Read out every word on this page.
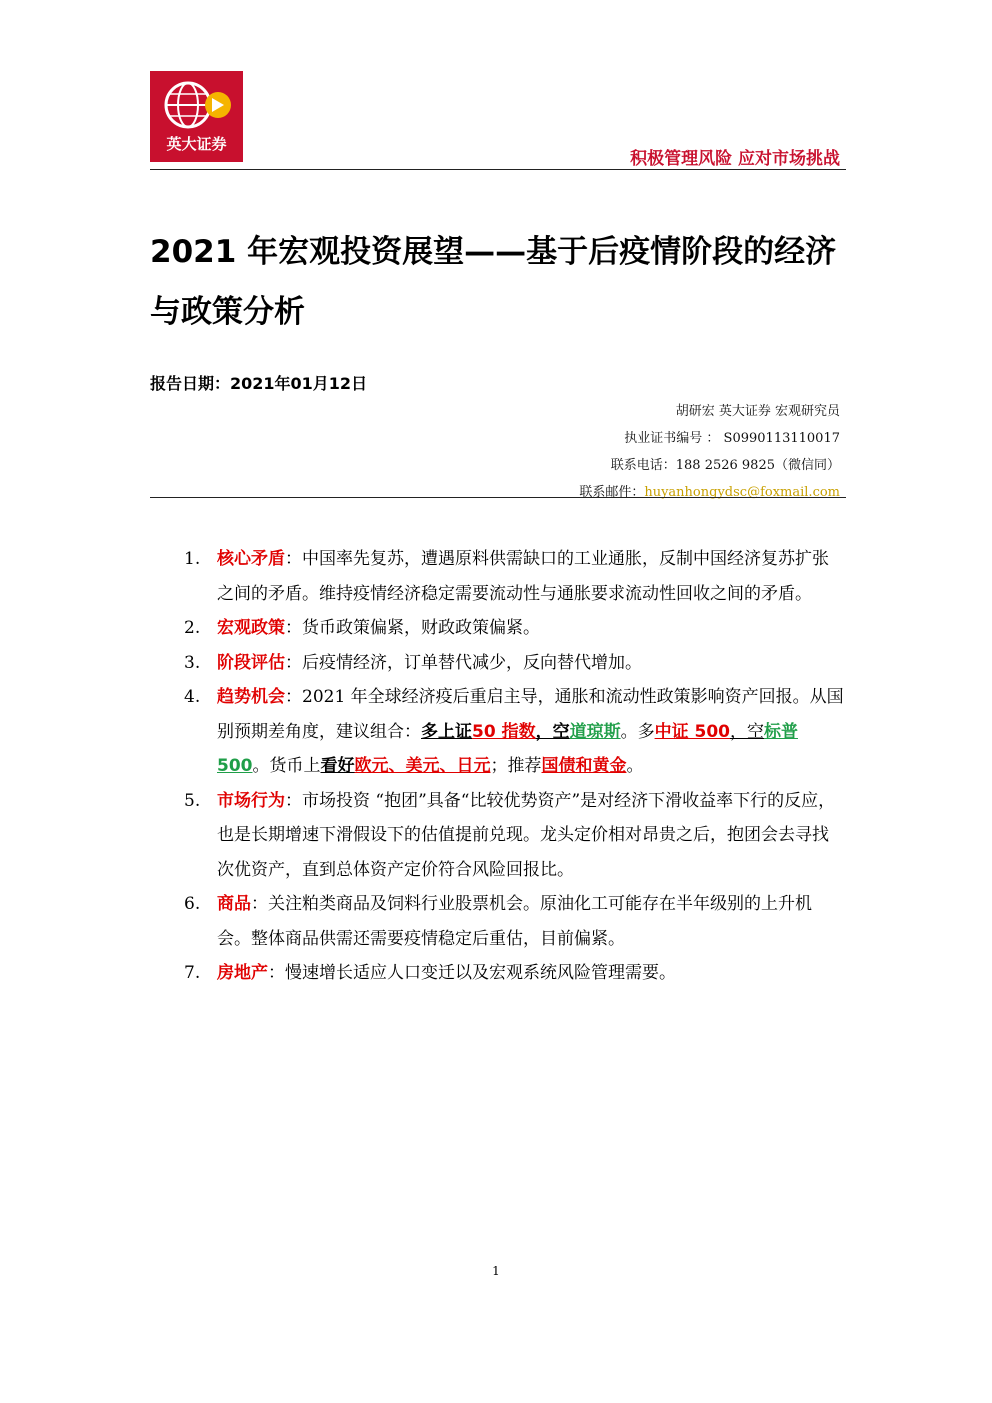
英大证券
积极管理风险 应对市场挑战
2021 年宏观投资展望——基于后疫情阶段的经济与政策分析
报告日期：2021年01月12日
胡研宏 英大证券 宏观研究员
执业证书编号 ： S0990113110017
联系电话：188 2526 9825（微信同）
联系邮件：huyanhongydsc@foxmail.com
1. 核心矛盾：中国率先复苏，遭遇原料供需缺口的工业通胀，反制中国经济复苏扩张之间的矛盾。维持疫情经济稳定需要流动性与通胀要求流动性回收之间的矛盾。
2. 宏观政策：货币政策偏紧，财政政策偏紧。
3. 阶段评估：后疫情经济，订单替代减少，反向替代增加。
4. 趋势机会：2021 年全球经济疫后重启主导，通胀和流动性政策影响资产回报。从国别预期差角度，建议组合：多上证50 指数，空道琼斯。多中证 500，空标普 500。货币上看好欧元、美元、日元；推荐国债和黄金。
5. 市场行为：市场投资 “抱团”具备“比较优势资产”是对经济下滑收益率下行的反应，也是长期增速下滑假设下的估值提前兑现。龙头定价相对昂贵之后，抱团会去寻找次优资产，直到总体资产定价符合风险回报比。
6. 商品：关注粕类商品及饲料行业股票机会。原油化工可能存在半年级别的上升机会。整体商品供需还需要疫情稳定后重估，目前偏紧。
7. 房地产：慢速增长适应人口变迁以及宏观系统风险管理需要。
1
